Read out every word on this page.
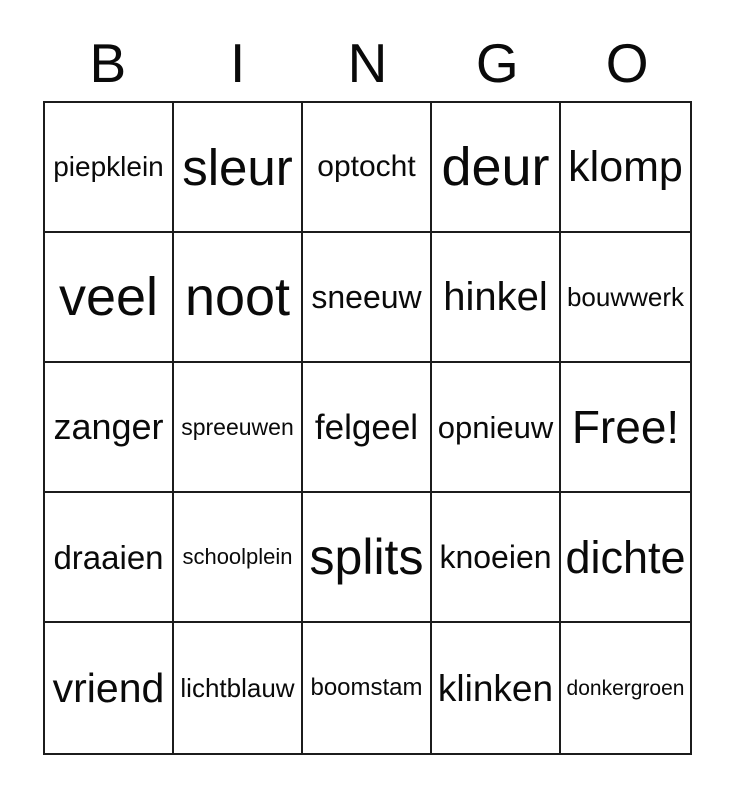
B I N G O
piepklein sleur optocht deur klomp
veel noot sneeuw hinkel bouwwerk
zanger spreeuwen felgeel opnieuw Free!
draaien schoolplein splits knoeien dichte
vriend lichtblauw boomstam klinken donkergroen
